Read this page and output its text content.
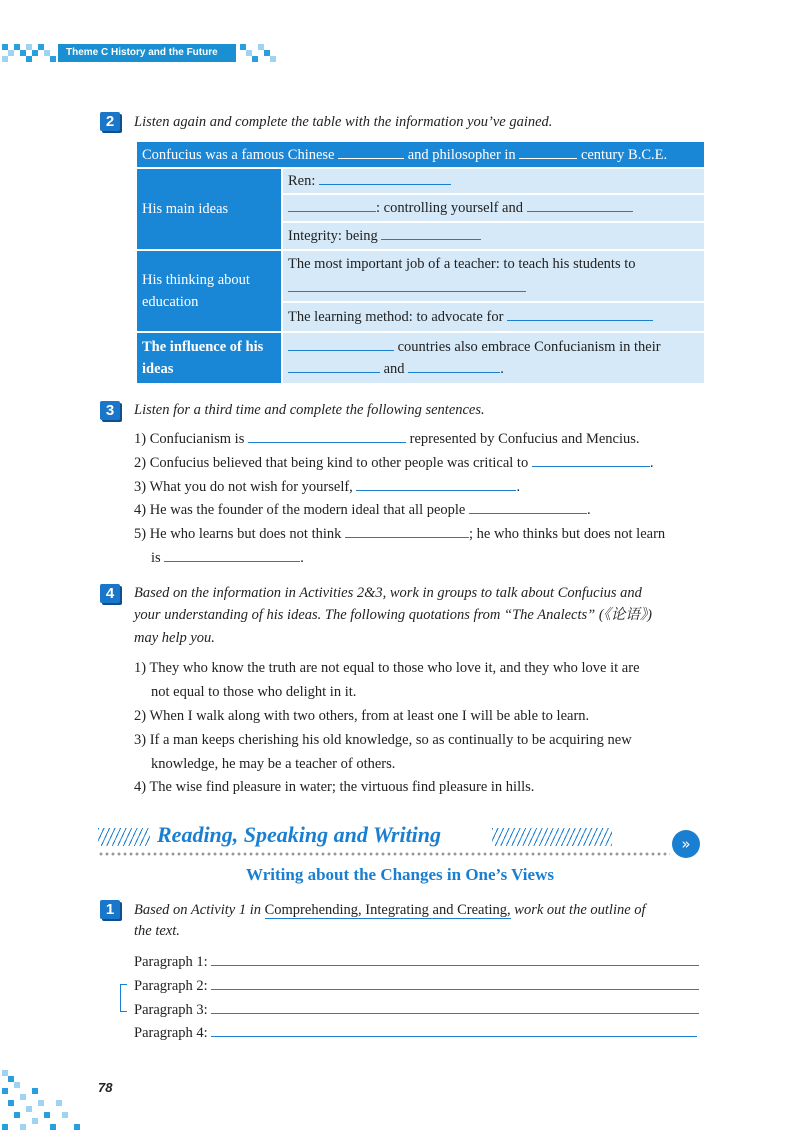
Theme C History and the Future
2	Listen again and complete the table with the information you’ve gained.
Confucius was a famous Chinese and philosopher in century B.C.E.	
His main ideas	Ren:
	: controlling yourself and
	Integrity: being
His thinking about education	The most important job of a teacher: to teach his students to

	The learning method: to advocate for
The influence of his ideas	countries also embrace Confucianism in their
and .
3	Listen for a third time and complete the following sentences.
1) Confucianism is	represented by Confucius and Mencius.
2) Confucius believed that being kind to other people was critical to	.
3) What you do not wish for yourself,	.
4) He was the founder of the modern ideal that all people	.
5) He who learns but does not think	; he who thinks but does not learn
is	.
4	Based on the information in Activities 2&3, work in groups to talk about Confucius and
your understanding of his ideas. The following quotations from “The Analects” (《论语》)
may help you.
1) They who know the truth are not equal to those who love it, and they who love it are
not equal to those who delight in it.
2) When I walk along with two others, from at least one I will be able to learn.
3) If a man keeps cherishing his old knowledge, so as continually to be acquiring new
knowledge, he may be a teacher of others.
4) The wise find pleasure in water; the virtuous find pleasure in hills.
Reading, Speaking and Writing	»
Writing about the Changes in One’s Views
1	Based on Activity 1 in Comprehending, Integrating and Creating, work out the outline of
the text.
Paragraph 1:
Paragraph 2:
Paragraph 3:
Paragraph 4:
78
